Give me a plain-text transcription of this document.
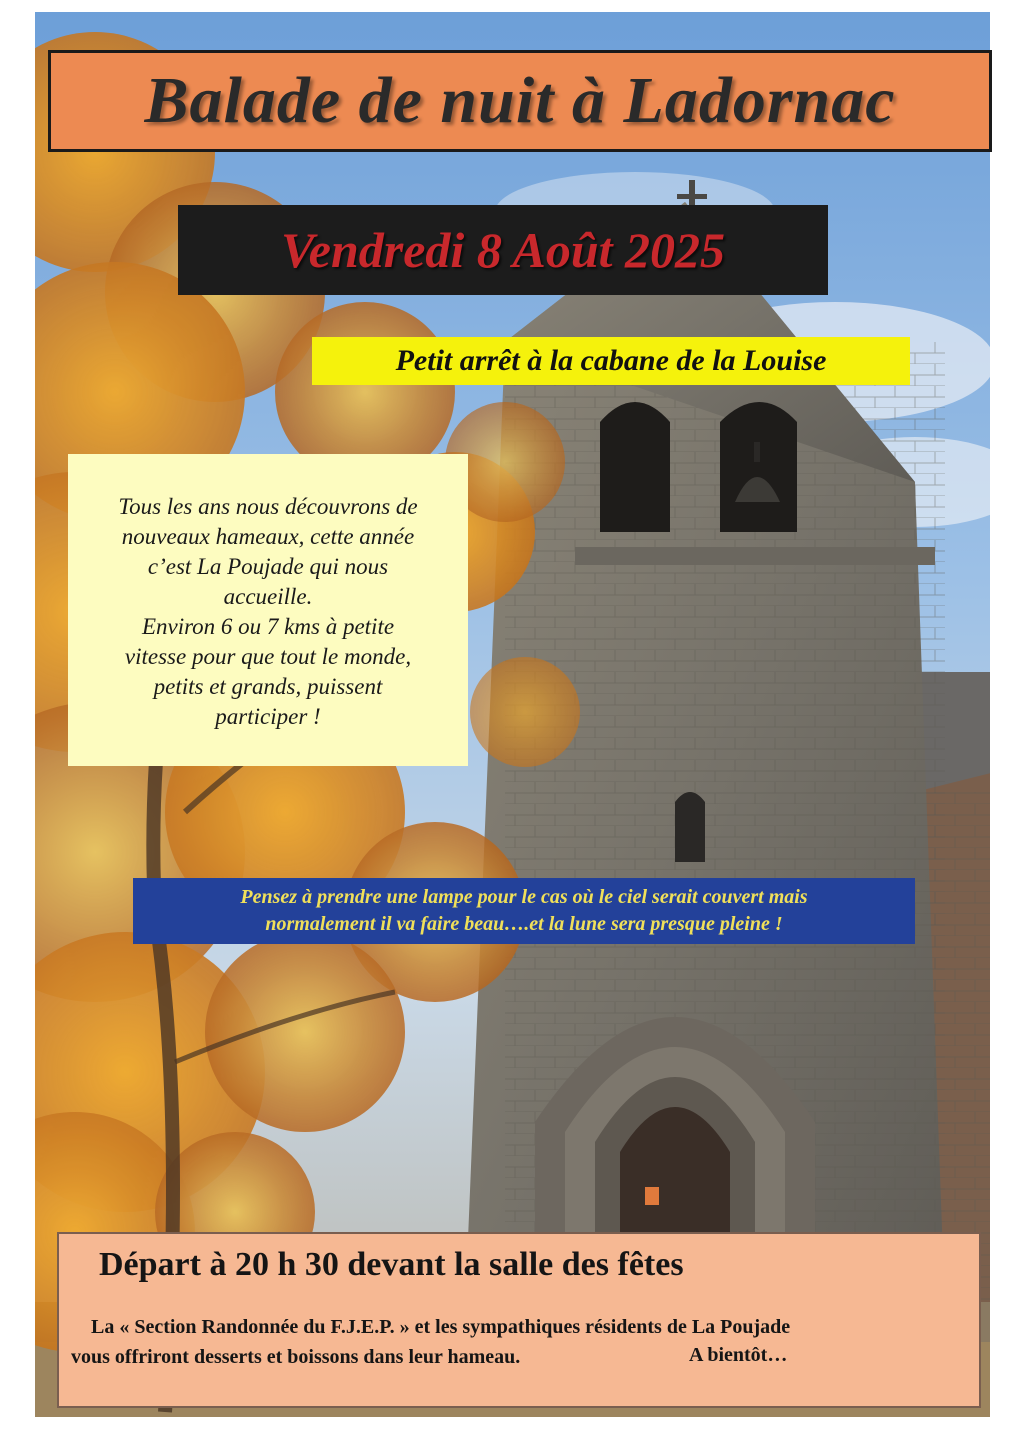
Balade de nuit à Ladornac
Vendredi 8 Août 2025
Petit arrêt à la cabane de la Louise

Tous les ans nous découvrons de

nouveaux hameaux, cette année

c’est La Poujade qui nous

accueille.

Environ 6 ou 7 kms à petite

vitesse pour que tout le monde,

petits et grands, puissent

participer !

Pensez à prendre une lampe pour le cas où le ciel serait couvert mais
normalement il va faire beau….et la lune sera presque pleine !
Départ à 20 h 30 devant la salle des fêtes
La « Section Randonnée du F.J.E.P. » et les sympathiques résidents de La Poujade
vous offriront desserts et boissons dans leur hameau.	A bientôt…
